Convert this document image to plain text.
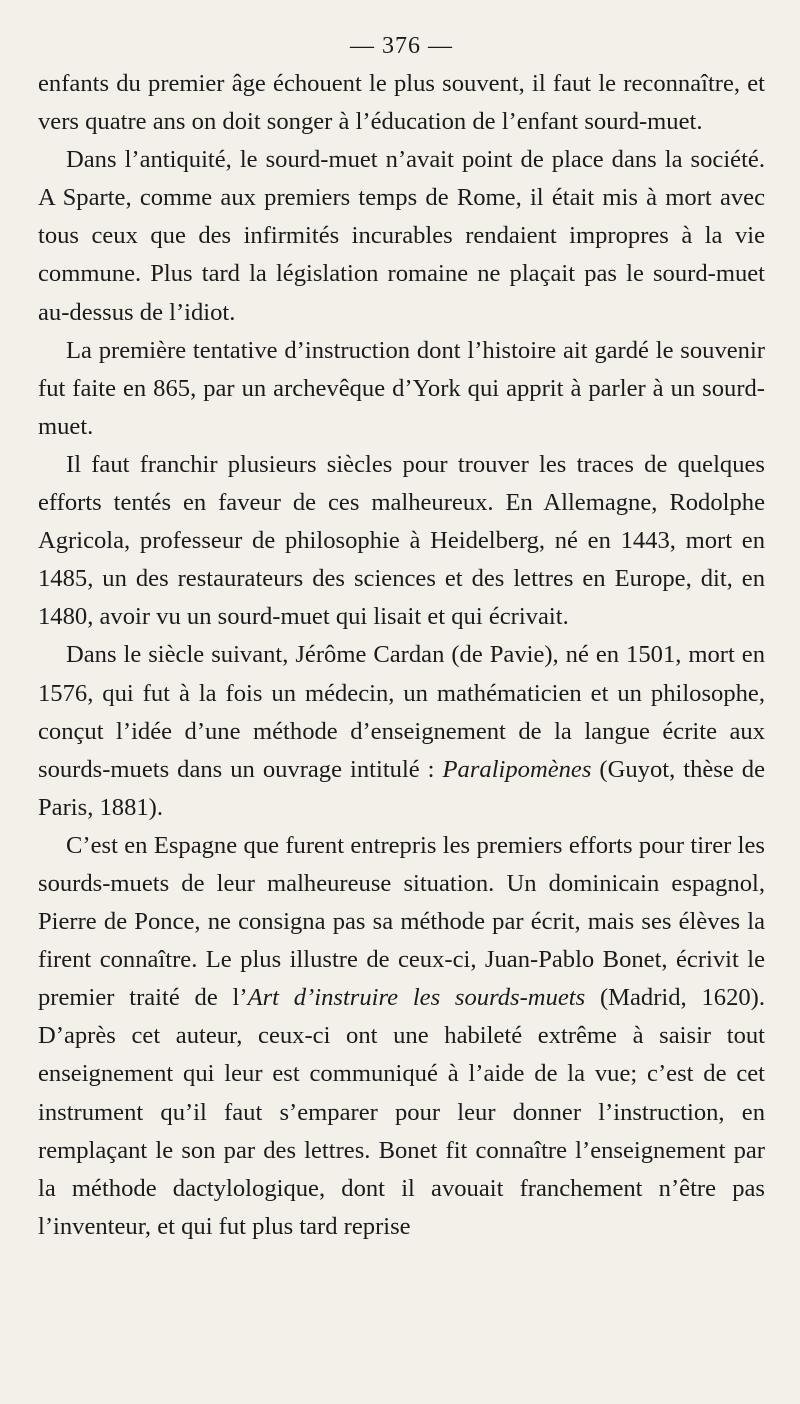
— 376 —

enfants du premier âge échouent le plus souvent, il faut le reconnaître, et vers quatre ans on doit songer à l’éducation de l’enfant sourd-muet.

Dans l’antiquité, le sourd-muet n’avait point de place dans la société. A Sparte, comme aux premiers temps de Rome, il était mis à mort avec tous ceux que des infirmités incurables rendaient impropres à la vie commune. Plus tard la législation romaine ne plaçait pas le sourd-muet au-dessus de l’idiot.

La première tentative d’instruction dont l’histoire ait gardé le souvenir fut faite en 865, par un archevêque d’York qui apprit à parler à un sourd-muet.

Il faut franchir plusieurs siècles pour trouver les traces de quelques efforts tentés en faveur de ces malheureux. En Allemagne, Rodolphe Agricola, professeur de philosophie à Heidelberg, né en 1443, mort en 1485, un des restaurateurs des sciences et des lettres en Europe, dit, en 1480, avoir vu un sourd-muet qui lisait et qui écrivait.

Dans le siècle suivant, Jérôme Cardan (de Pavie), né en 1501, mort en 1576, qui fut à la fois un médecin, un mathématicien et un philosophe, conçut l’idée d’une méthode d’enseignement de la langue écrite aux sourds-muets dans un ouvrage intitulé : Paralipomènes (Guyot, thèse de Paris, 1881).

C’est en Espagne que furent entrepris les premiers efforts pour tirer les sourds-muets de leur malheureuse situation. Un dominicain espagnol, Pierre de Ponce, ne consigna pas sa méthode par écrit, mais ses élèves la firent connaître. Le plus illustre de ceux-ci, Juan-Pablo Bonet, écrivit le premier traité de l’Art d’instruire les sourds-muets (Madrid, 1620). D’après cet auteur, ceux-ci ont une habileté extrême à saisir tout enseignement qui leur est communiqué à l’aide de la vue; c’est de cet instrument qu’il faut s’emparer pour leur donner l’instruction, en remplaçant le son par des lettres. Bonet fit connaître l’enseignement par la méthode dactylologique, dont il avouait franchement n’être pas l’inventeur, et qui fut plus tard reprise
